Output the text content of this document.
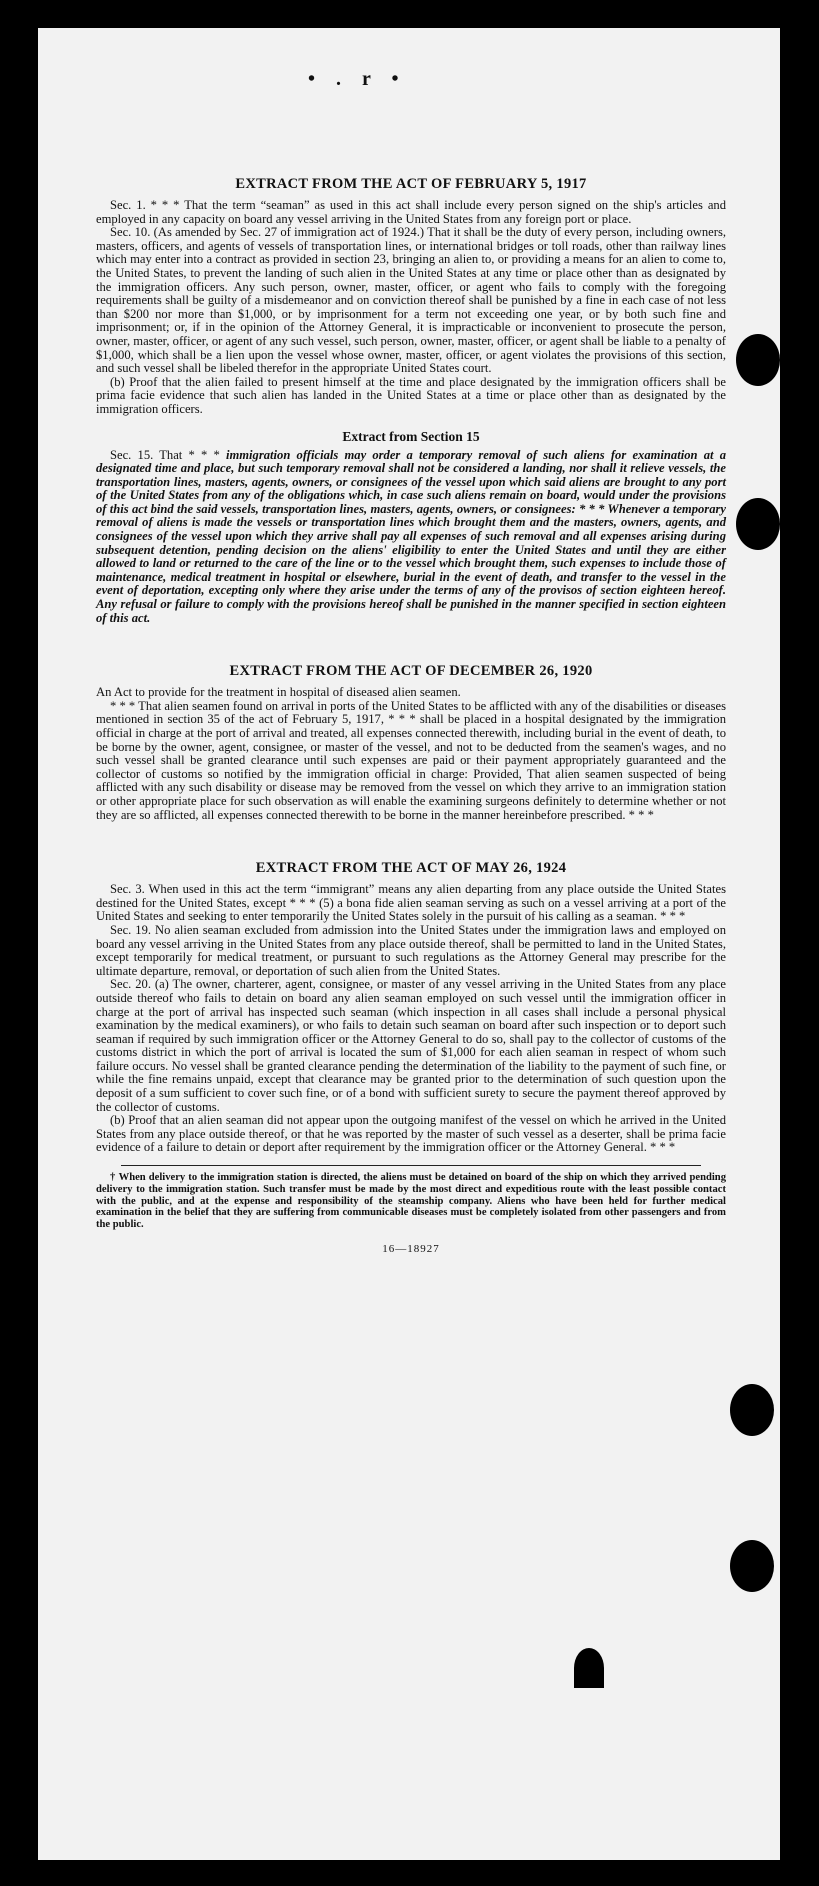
• . r •
EXTRACT FROM THE ACT OF FEBRUARY 5, 1917

Sec. 1. * * * That the term “seaman” as used in this act shall include every person signed on the ship's articles and employed in any capacity on board any vessel arriving in the United States from any foreign port or place.

Sec. 10. (As amended by Sec. 27 of immigration act of 1924.) That it shall be the duty of every person, including owners, masters, officers, and agents of vessels of transportation lines, or international bridges or toll roads, other than railway lines which may enter into a contract as provided in section 23, bringing an alien to, or providing a means for an alien to come to, the United States, to prevent the landing of such alien in the United States at any time or place other than as designated by the immigration officers. Any such person, owner, master, officer, or agent who fails to comply with the foregoing requirements shall be guilty of a misdemeanor and on conviction thereof shall be punished by a fine in each case of not less than $200 nor more than $1,000, or by imprisonment for a term not exceeding one year, or by both such fine and imprisonment; or, if in the opinion of the Attorney General, it is impracticable or inconvenient to prosecute the person, owner, master, officer, or agent of any such vessel, such person, owner, master, officer, or agent shall be liable to a penalty of $1,000, which shall be a lien upon the vessel whose owner, master, officer, or agent violates the provisions of this section, and such vessel shall be libeled therefor in the appropriate United States court.

(b) Proof that the alien failed to present himself at the time and place designated by the immigration officers shall be prima facie evidence that such alien has landed in the United States at a time or place other than as designated by the immigration officers.

Extract from Section 15

Sec. 15. That * * * immigration officials may order a temporary removal of such aliens for examination at a designated time and place, but such temporary removal shall not be considered a landing, nor shall it relieve vessels, the transportation lines, masters, agents, owners, or consignees of the vessel upon which said aliens are brought to any port of the United States from any of the obligations which, in case such aliens remain on board, would under the provisions of this act bind the said vessels, transportation lines, masters, agents, owners, or consignees: * * * Whenever a temporary removal of aliens is made the vessels or transportation lines which brought them and the masters, owners, agents, and consignees of the vessel upon which they arrive shall pay all expenses of such removal and all expenses arising during subsequent detention, pending decision on the aliens' eligibility to enter the United States and until they are either allowed to land or returned to the care of the line or to the vessel which brought them, such expenses to include those of maintenance, medical treatment in hospital or elsewhere, burial in the event of death, and transfer to the vessel in the event of deportation, excepting only where they arise under the terms of any of the provisos of section eighteen hereof. Any refusal or failure to comply with the provisions hereof shall be punished in the manner specified in section eighteen of this act.

EXTRACT FROM THE ACT OF DECEMBER 26, 1920

An Act to provide for the treatment in hospital of diseased alien seamen.

* * * That alien seamen found on arrival in ports of the United States to be afflicted with any of the disabilities or diseases mentioned in section 35 of the act of February 5, 1917, * * * shall be placed in a hospital designated by the immigration official in charge at the port of arrival and treated, all expenses connected therewith, including burial in the event of death, to be borne by the owner, agent, consignee, or master of the vessel, and not to be deducted from the seamen's wages, and no such vessel shall be granted clearance until such expenses are paid or their payment appropriately guaranteed and the collector of customs so notified by the immigration official in charge: Provided, That alien seamen suspected of being afflicted with any such disability or disease may be removed from the vessel on which they arrive to an immigration station or other appropriate place for such observation as will enable the examining surgeons definitely to determine whether or not they are so afflicted, all expenses connected therewith to be borne in the manner hereinbefore prescribed. * * *

EXTRACT FROM THE ACT OF MAY 26, 1924

Sec. 3. When used in this act the term “immigrant” means any alien departing from any place outside the United States destined for the United States, except * * * (5) a bona fide alien seaman serving as such on a vessel arriving at a port of the United States and seeking to enter temporarily the United States solely in the pursuit of his calling as a seaman. * * *

Sec. 19. No alien seaman excluded from admission into the United States under the immigration laws and employed on board any vessel arriving in the United States from any place outside thereof, shall be permitted to land in the United States, except temporarily for medical treatment, or pursuant to such regulations as the Attorney General may prescribe for the ultimate departure, removal, or deportation of such alien from the United States.

Sec. 20. (a) The owner, charterer, agent, consignee, or master of any vessel arriving in the United States from any place outside thereof who fails to detain on board any alien seaman employed on such vessel until the immigration officer in charge at the port of arrival has inspected such seaman (which inspection in all cases shall include a personal physical examination by the medical examiners), or who fails to detain such seaman on board after such inspection or to deport such seaman if required by such immigration officer or the Attorney General to do so, shall pay to the collector of customs of the customs district in which the port of arrival is located the sum of $1,000 for each alien seaman in respect of whom such failure occurs. No vessel shall be granted clearance pending the determination of the liability to the payment of such fine, or while the fine remains unpaid, except that clearance may be granted prior to the determination of such question upon the deposit of a sum sufficient to cover such fine, or of a bond with sufficient surety to secure the payment thereof approved by the collector of customs.

(b) Proof that an alien seaman did not appear upon the outgoing manifest of the vessel on which he arrived in the United States from any place outside thereof, or that he was reported by the master of such vessel as a deserter, shall be prima facie evidence of a failure to detain or deport after requirement by the immigration officer or the Attorney General. * * *

† When delivery to the immigration station is directed, the aliens must be detained on board of the ship on which they arrived pending delivery to the immigration station. Such transfer must be made by the most direct and expeditious route with the least possible contact with the public, and at the expense and responsibility of the steamship company. Aliens who have been held for further medical examination in the belief that they are suffering from communicable diseases must be completely isolated from other passengers and from the public.

16—18927
